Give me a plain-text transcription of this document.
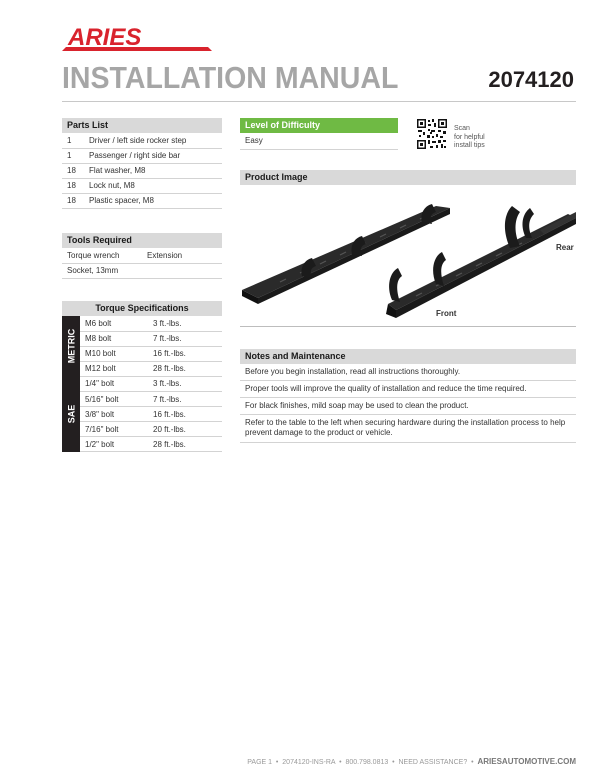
ARIES
INSTALLATION MANUAL	2074120
Parts List
1	Driver / left side rocker step
1	Passenger / right side bar
18	Flat washer, M8
18	Lock nut, M8
18	Plastic spacer, M8
Tools Required
Torque wrench	Extension
Socket, 13mm	
Torque Specifications
METRIC
M6 bolt	3 ft.-lbs.
M8 bolt	7 ft.-lbs.
M10 bolt	16 ft.-lbs.
M12 bolt	28 ft.-lbs.
SAE
1/4" bolt	3 ft.-lbs.
5/16" bolt	7 ft.-lbs.
3/8" bolt	16 ft.-lbs.
7/16" bolt	20 ft.-lbs.
1/2" bolt	28 ft.-lbs.
Level of Difficulty
Easy
Scan
for helpful
install tips
Product Image
Rear
Front
Notes and Maintenance
Before you begin installation, read all instructions thoroughly.
Proper tools will improve the quality of installation and reduce the time required.
For black finishes, mild soap may be used to clean the product.
Refer to the table to the left when securing hardware during the installation process to help prevent damage to the product or vehicle.
PAGE 1  •  2074120-INS-RA  •  800.798.0813  •  NEED ASSISTANCE?  •  ARIESAUTOMOTIVE.COM
